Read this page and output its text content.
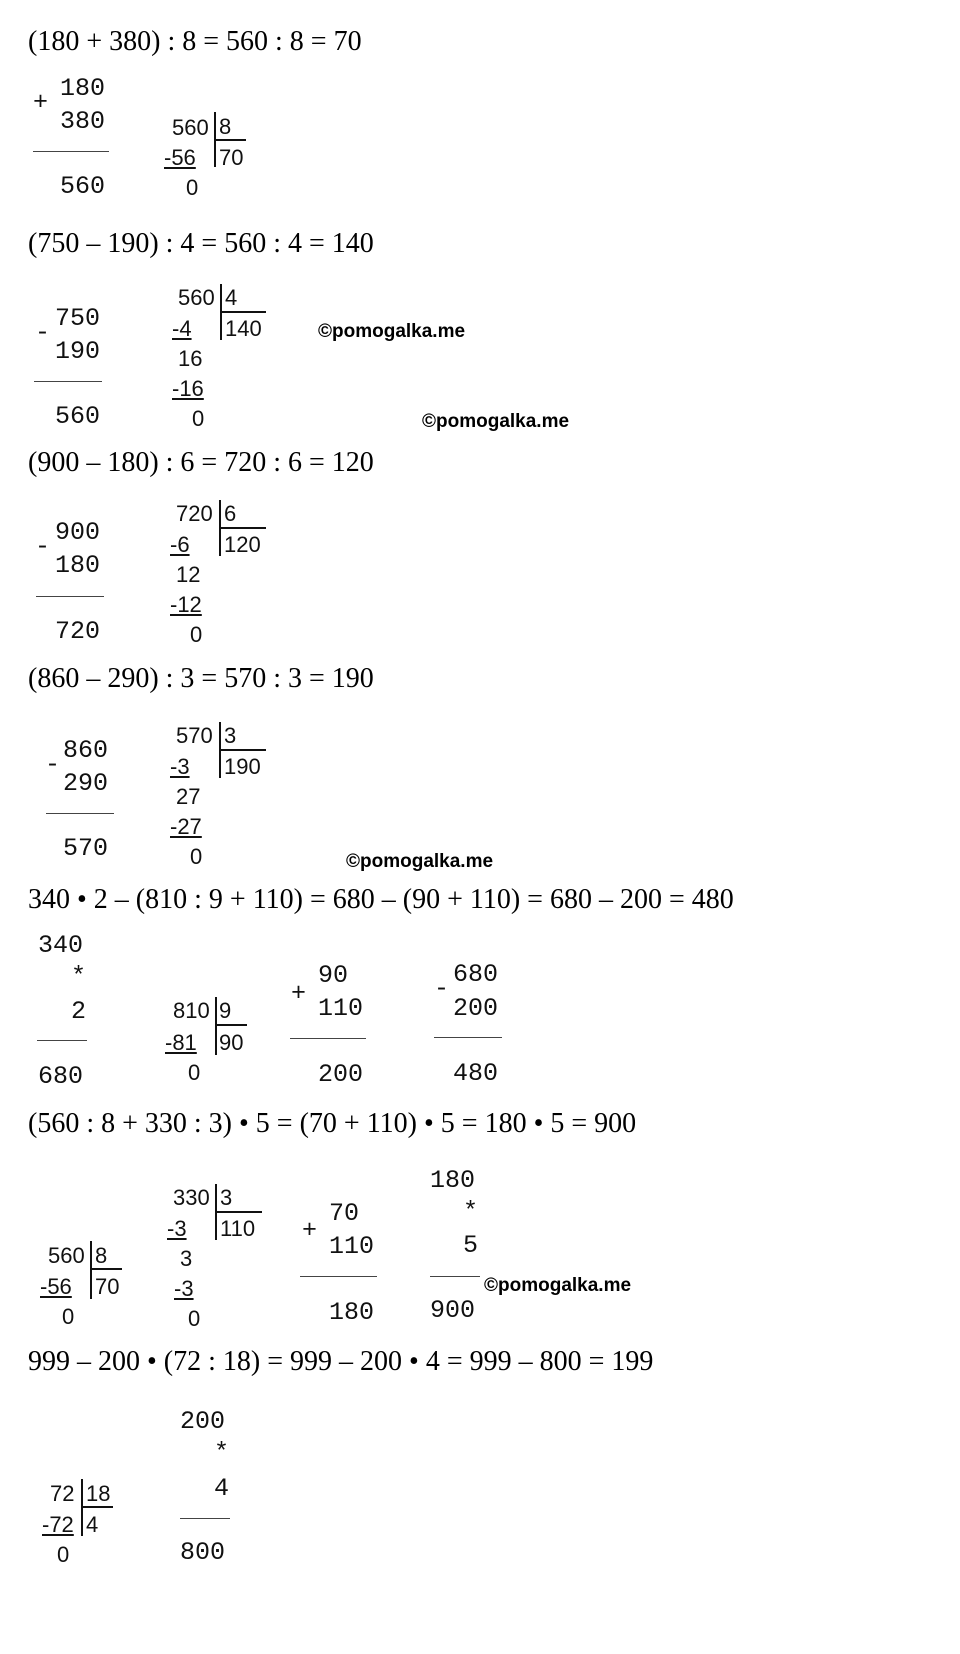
(180 + 380) : 8 = 560 : 8 = 70
+ 180
380
560
560 8
70
-56
0
(750 – 190) : 4 = 560 : 4 = 140
- 750
190
560
560 4
140
-4
16
-16
0
©pomogalka.me
©pomogalka.me
(900 – 180) : 6 = 720 : 6 = 120
- 900
180
720
720 6
120
-6
12
-12
0
(860 – 290) : 3 = 570 : 3 = 190
- 860
290
570
570 3
190
-3
27
-27
0	©pomogalka.me
340 • 2 – (810 : 9 + 110) = 680 – (90 + 110) = 680 – 200 = 480
340
*
2
680
810 9
90
-81
0
+
90
110
200
- 680
200
480
(560 : 8 + 330 : 3) • 5 = (70 + 110) • 5 = 180 • 5 = 900
560 8
70
-56
0
330 3
110
-3
3
-3
0
+
70
110
180
180
*
5
900
©pomogalka.me
999 – 200 • (72 : 18) = 999 – 200 • 4 = 999 – 800 = 199
72 18
4
-72
0
200
*
4
800
